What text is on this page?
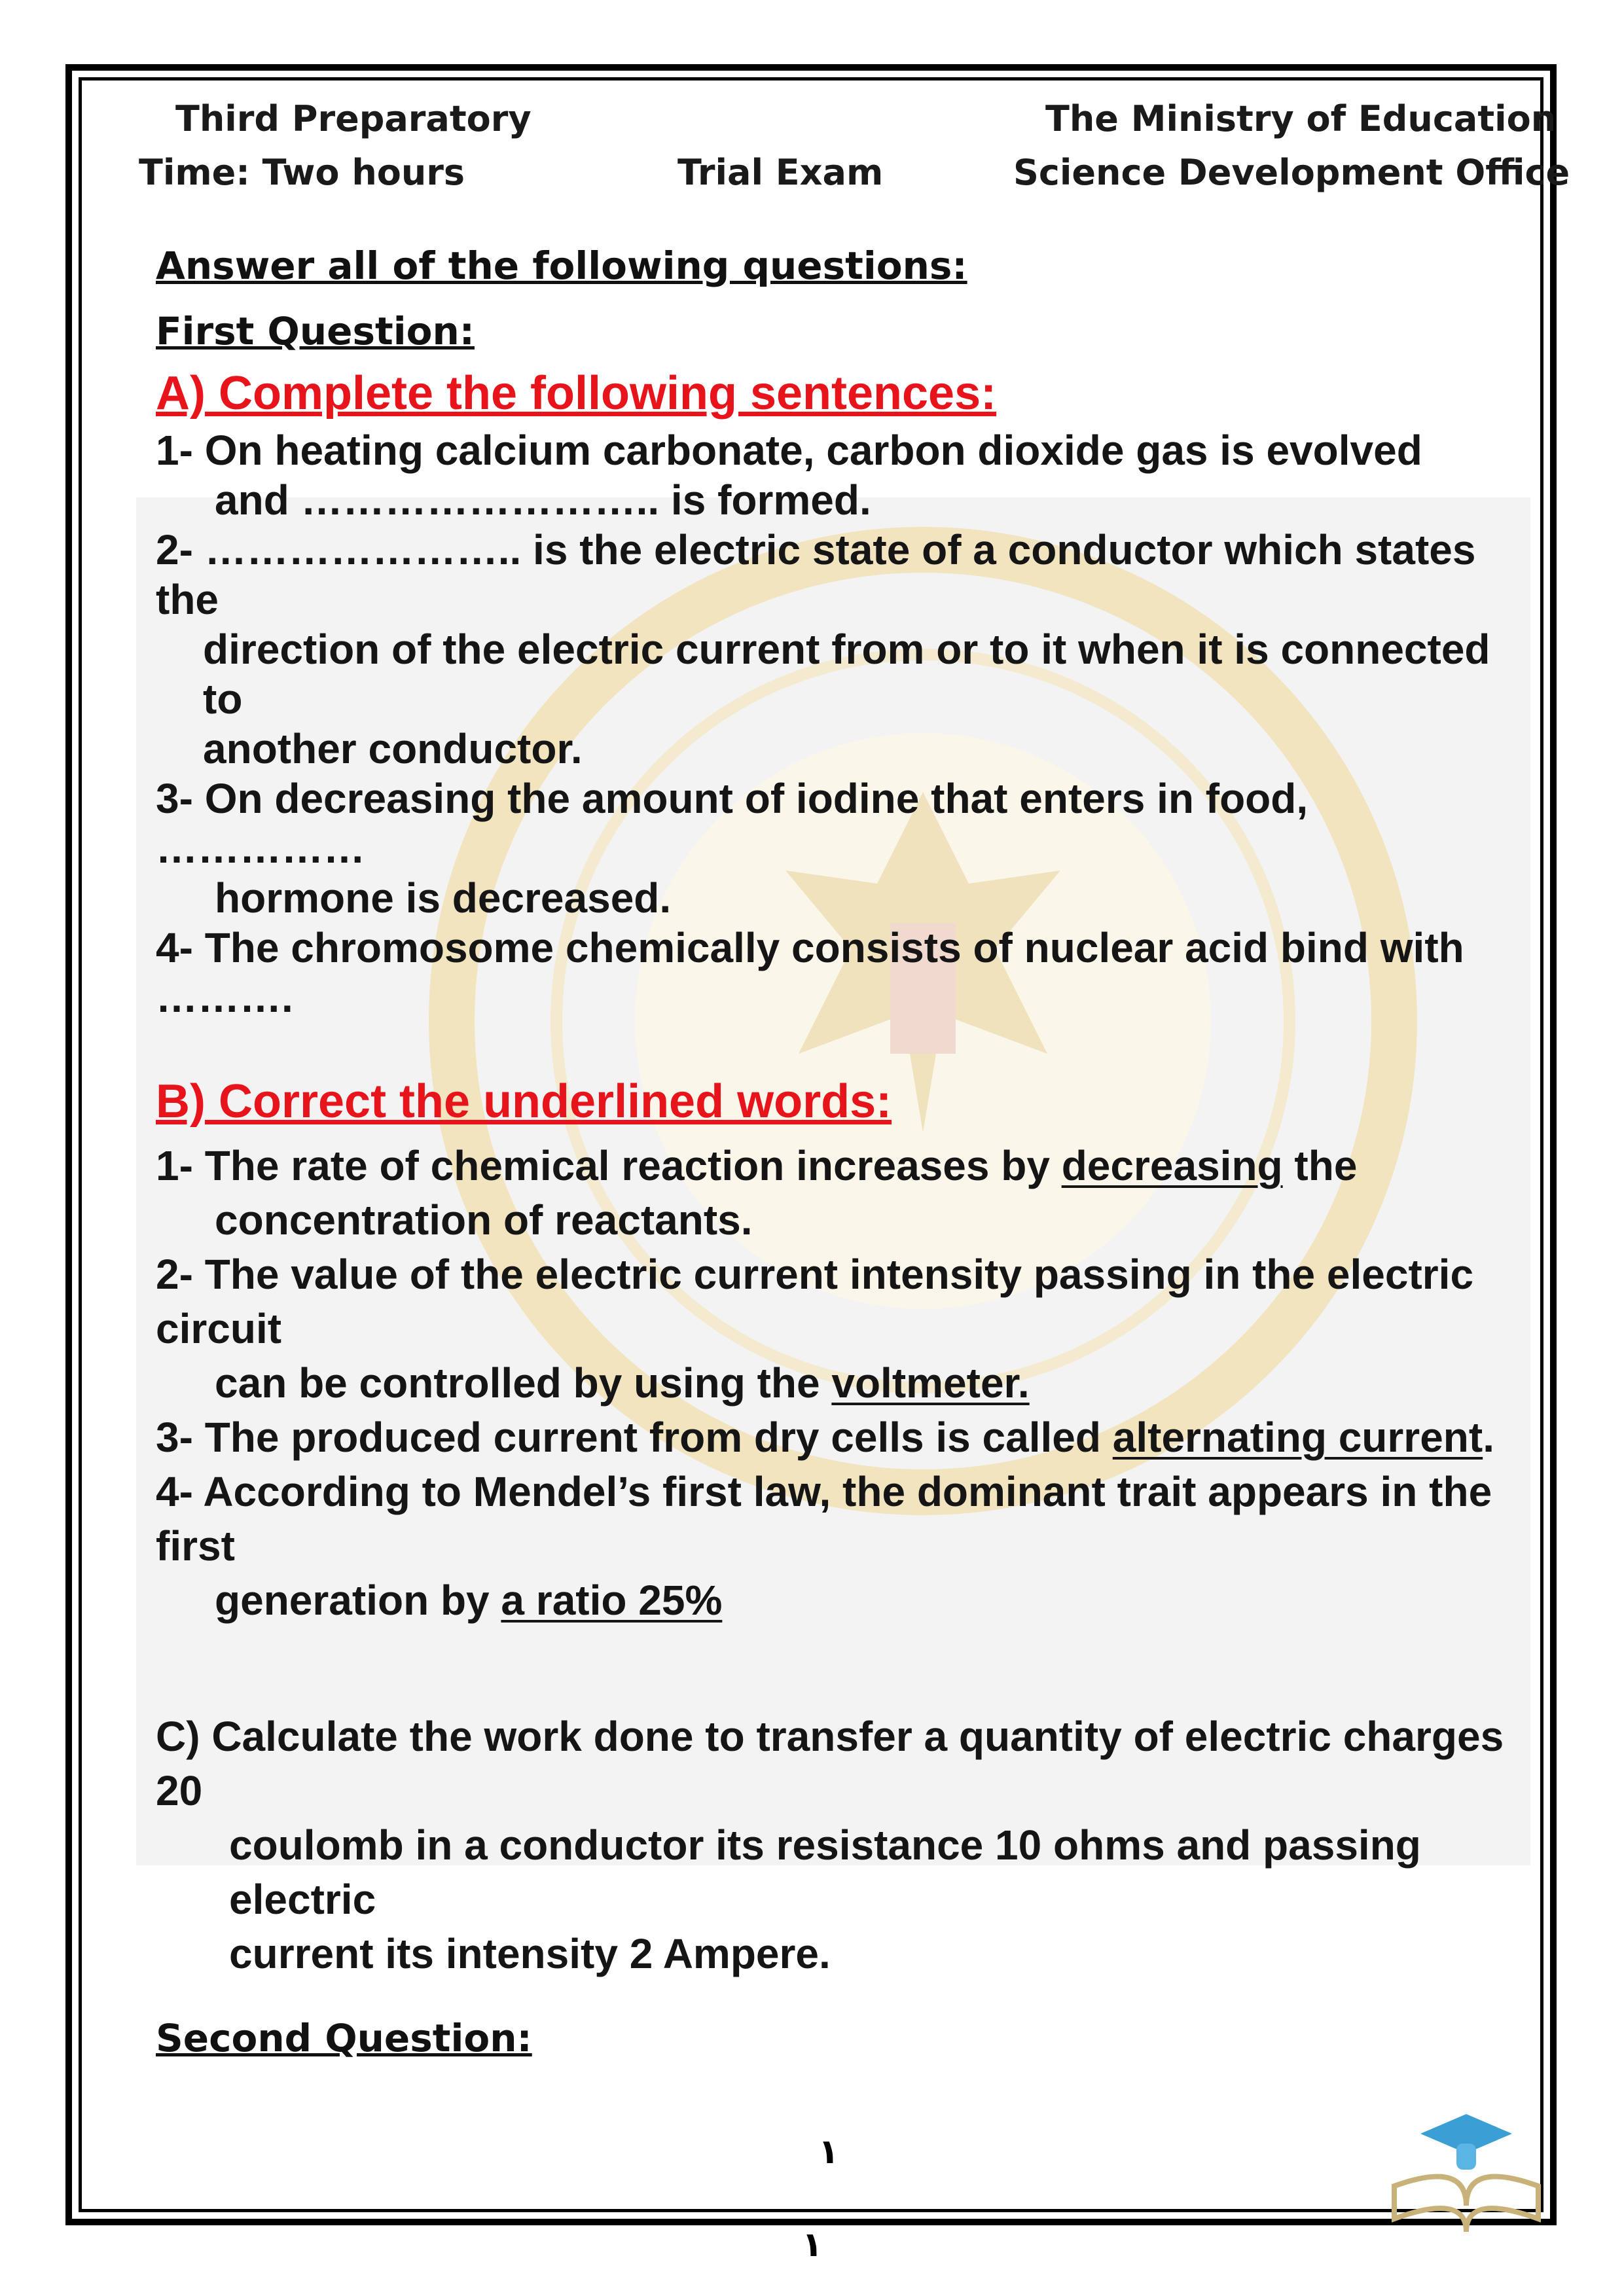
Third Preparatory
Time: Two hours	Trial Exam
The Ministry of Education
Science Development Office
Answer all of the following questions:
First Question:
A) Complete the following sentences:
1- On heating calcium carbonate, carbon dioxide gas is evolved
and …………………….. is formed.
2- ………………….. is the electric state of a conductor which states the
direction of the electric current from or to it when it is connected to
another conductor.
3- On decreasing the amount of iodine that enters in food, ……………
hormone is decreased.
4- The chromosome chemically consists of nuclear acid bind with ……….
B) Correct the underlined words:
1- The rate of chemical reaction increases by decreasing the
concentration of reactants.
2- The value of the electric current intensity passing in the electric circuit
can be controlled by using the voltmeter.
3- The produced current from dry cells is called alternating current.
4- According to Mendel’s first law, the dominant trait appears in the first
generation by a ratio 25%
C) Calculate the work done to transfer a quantity of electric charges 20
coulomb in a conductor its resistance 10 ohms and passing electric
current its intensity 2 Ampere.
Second Question:
١
١
